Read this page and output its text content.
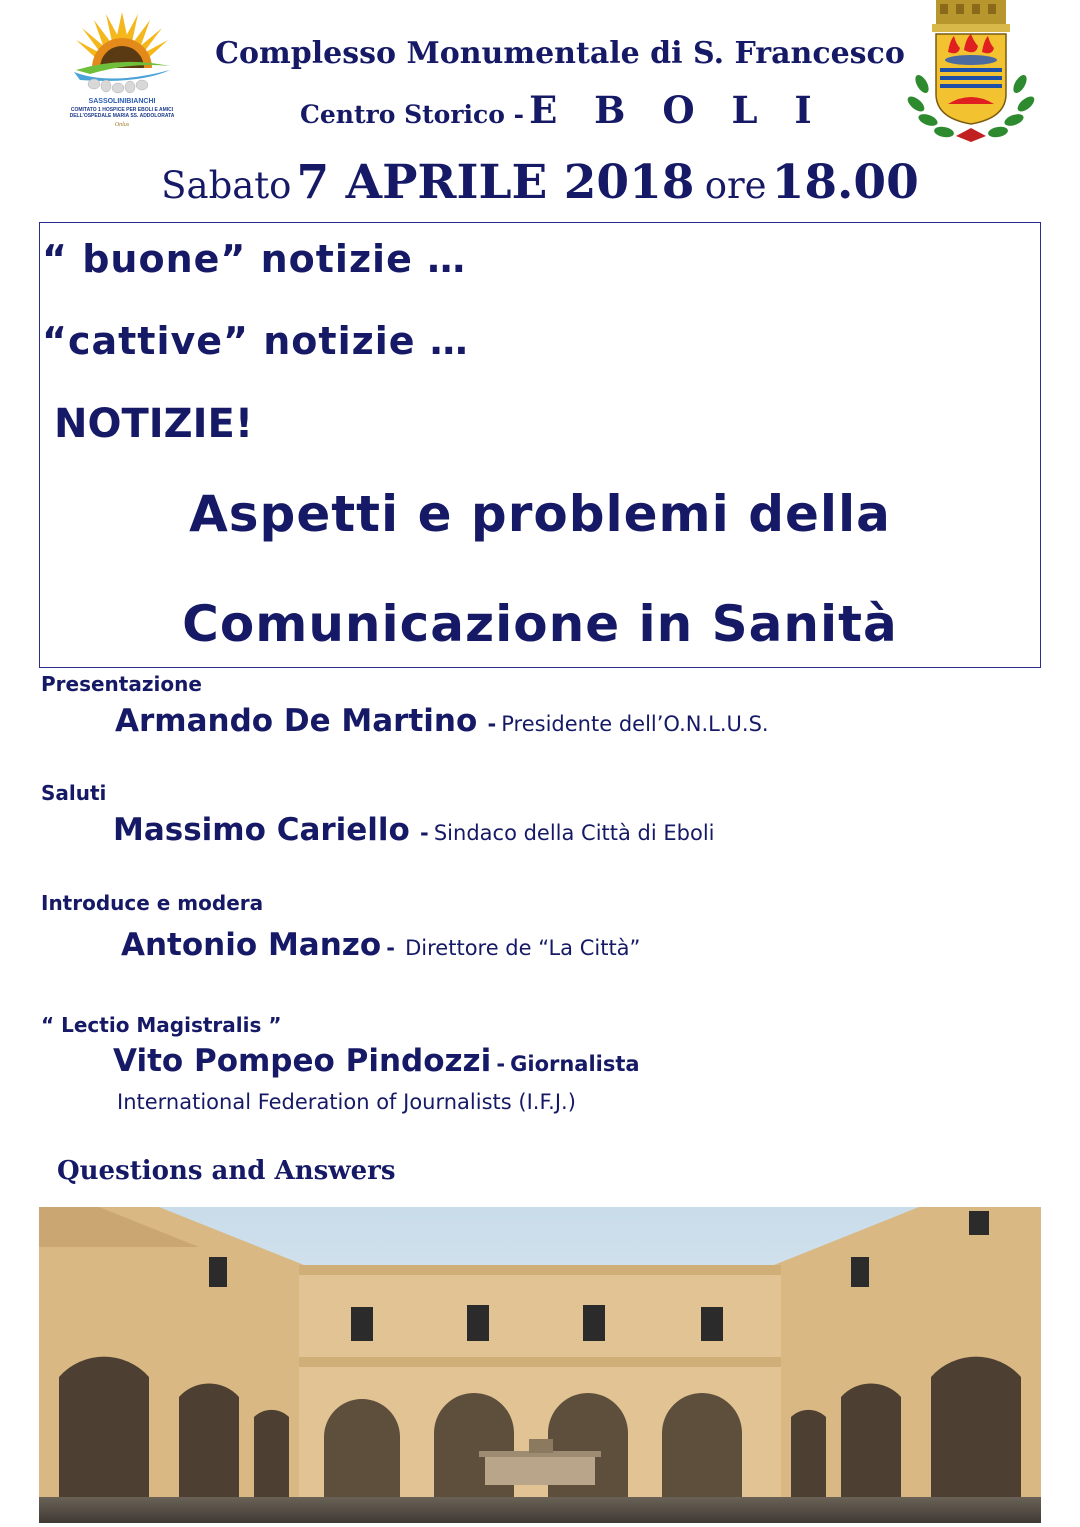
SASSOLINIBIANCHI
COMITATO 1 HOSPICE PER EBOLI E AMICI DELL'OSPEDALE MARIA SS. ADDOLORATA
Onlus
Complesso Monumentale di S. Francesco
Centro Storico - E B O L I
Sabato 7 APRILE 2018 ore 18.00
“ buone” notizie …
“cattive” notizie …
NOTIZIE!
Aspetti e problemi della
Comunicazione in Sanità
Presentazione
Armando De Martino - Presidente dell’O.N.L.U.S.
Saluti
Massimo Cariello - Sindaco della Città di Eboli
Introduce e modera
Antonio Manzo - Direttore de “La Città”
“ Lectio Magistralis ”
Vito Pompeo Pindozzi - Giornalista
International Federation of Journalists (I.F.J.)
Questions and Answers
